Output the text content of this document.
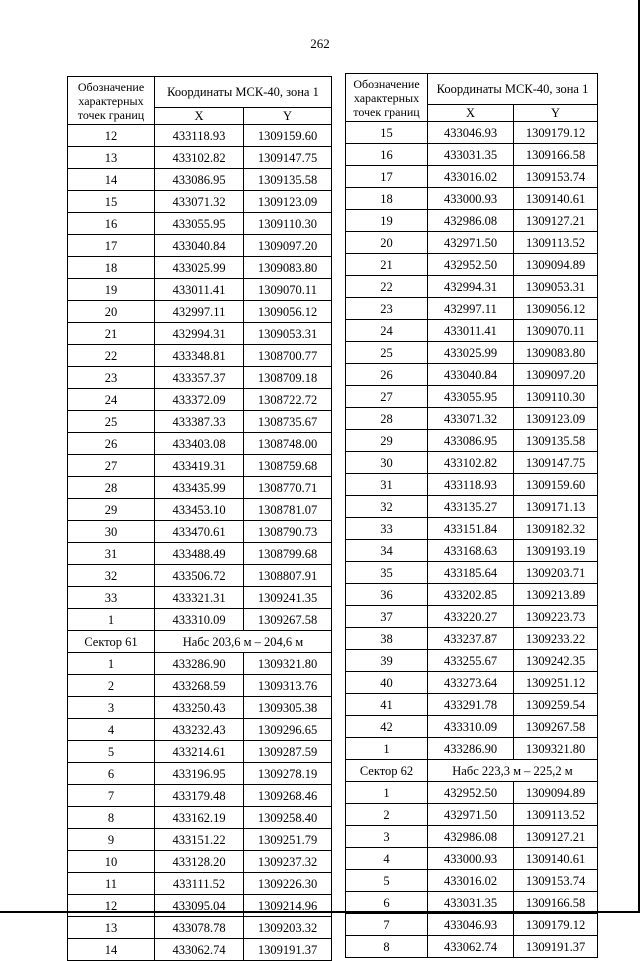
262
Обозначение характерных точек границ	Координаты МСК-40, зона 1	
	X	Y
12	433118.93	1309159.60
13	433102.82	1309147.75
14	433086.95	1309135.58
15	433071.32	1309123.09
16	433055.95	1309110.30
17	433040.84	1309097.20
18	433025.99	1309083.80
19	433011.41	1309070.11
20	432997.11	1309056.12
21	432994.31	1309053.31
22	433348.81	1308700.77
23	433357.37	1308709.18
24	433372.09	1308722.72
25	433387.33	1308735.67
26	433403.08	1308748.00
27	433419.31	1308759.68
28	433435.99	1308770.71
29	433453.10	1308781.07
30	433470.61	1308790.73
31	433488.49	1308799.68
32	433506.72	1308807.91
33	433321.31	1309241.35
1	433310.09	1309267.58
Сектор 61	Набс 203,6 м – 204,6 м	
1	433286.90	1309321.80
2	433268.59	1309313.76
3	433250.43	1309305.38
4	433232.43	1309296.65
5	433214.61	1309287.59
6	433196.95	1309278.19
7	433179.48	1309268.46
8	433162.19	1309258.40
9	433151.22	1309251.79
10	433128.20	1309237.32
11	433111.52	1309226.30
12	433095.04	1309214.96
13	433078.78	1309203.32
14	433062.74	1309191.37
Обозначение характерных точек границ	Координаты МСК-40, зона 1	
	X	Y
15	433046.93	1309179.12
16	433031.35	1309166.58
17	433016.02	1309153.74
18	433000.93	1309140.61
19	432986.08	1309127.21
20	432971.50	1309113.52
21	432952.50	1309094.89
22	432994.31	1309053.31
23	432997.11	1309056.12
24	433011.41	1309070.11
25	433025.99	1309083.80
26	433040.84	1309097.20
27	433055.95	1309110.30
28	433071.32	1309123.09
29	433086.95	1309135.58
30	433102.82	1309147.75
31	433118.93	1309159.60
32	433135.27	1309171.13
33	433151.84	1309182.32
34	433168.63	1309193.19
35	433185.64	1309203.71
36	433202.85	1309213.89
37	433220.27	1309223.73
38	433237.87	1309233.22
39	433255.67	1309242.35
40	433273.64	1309251.12
41	433291.78	1309259.54
42	433310.09	1309267.58
1	433286.90	1309321.80
Сектор 62	Набс 223,3 м – 225,2 м	
1	432952.50	1309094.89
2	432971.50	1309113.52
3	432986.08	1309127.21
4	433000.93	1309140.61
5	433016.02	1309153.74
6	433031.35	1309166.58
7	433046.93	1309179.12
8	433062.74	1309191.37
